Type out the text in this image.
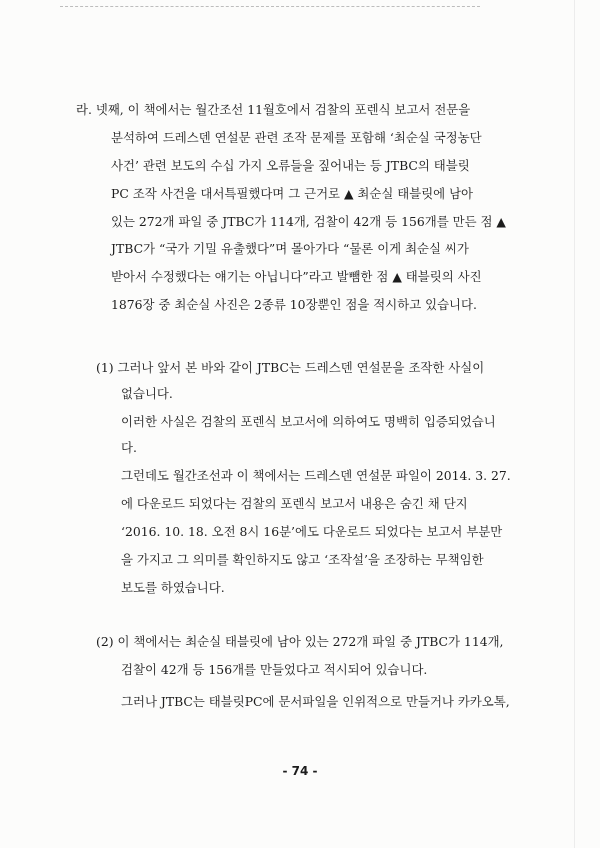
라. 넷째, 이 책에서는 월간조선 11월호에서 검찰의 포렌식 보고서 전문을
분석하여 드레스덴 연설문 관련 조작 문제를 포함해 ‘최순실 국정농단
사건’ 관련 보도의 수십 가지 오류들을 짚어내는 등 JTBC의 태블릿
PC 조작 사건을 대서특필했다며 그 근거로 ▲ 최순실 태블릿에 남아
있는 272개 파일 중 JTBC가 114개, 검찰이 42개 등 156개를 만든 점 ▲
JTBC가 “국가 기밀 유출했다”며 몰아가다 “물론 이게 최순실 씨가
받아서 수정했다는 얘기는 아닙니다”라고 발뺌한 점 ▲ 태블릿의 사진
1876장 중 최순실 사진은 2종류 10장뿐인 점을 적시하고 있습니다.
(1) 그러나 앞서 본 바와 같이 JTBC는 드레스덴 연설문을 조작한 사실이
없습니다.
이러한 사실은 검찰의 포렌식 보고서에 의하여도 명백히 입증되었습니
다.
그런데도 월간조선과 이 책에서는 드레스덴 연설문 파일이 2014. 3. 27.
에 다운로드 되었다는 검찰의 포렌식 보고서 내용은 숨긴 채 단지
‘2016. 10. 18. 오전 8시 16분’에도 다운로드 되었다는 보고서 부분만
을 가지고 그 의미를 확인하지도 않고 ‘조작설’을 조장하는 무책임한
보도를 하였습니다.
(2) 이 책에서는 최순실 태블릿에 남아 있는 272개 파일 중 JTBC가 114개,
검찰이 42개 등 156개를 만들었다고 적시되어 있습니다.
그러나 JTBC는 태블릿PC에 문서파일을 인위적으로 만들거나 카카오톡,
- 74 -
